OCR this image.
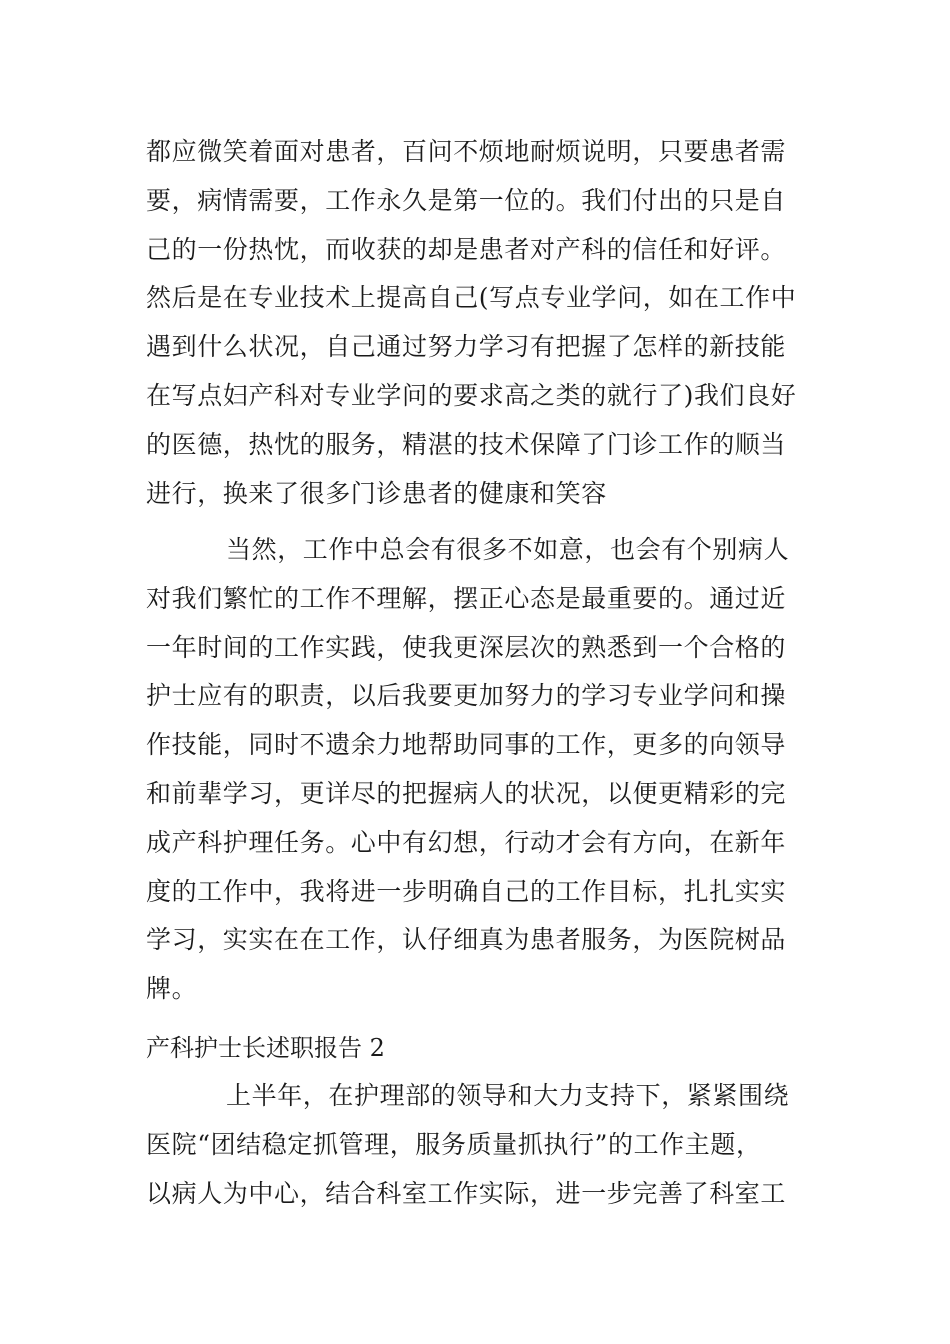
都应微笑着面对患者，百问不烦地耐烦说明，只要患者需
要，病情需要，工作永久是第一位的。我们付出的只是自
己的一份热忱，而收获的却是患者对产科的信任和好评。
然后是在专业技术上提高自己(写点专业学问，如在工作中
遇到什么状况，自己通过努力学习有把握了怎样的新技能
在写点妇产科对专业学问的要求高之类的就行了)我们良好
的医德，热忱的服务，精湛的技术保障了门诊工作的顺当
进行，换来了很多门诊患者的健康和笑容
当然，工作中总会有很多不如意，也会有个别病人
对我们繁忙的工作不理解，摆正心态是最重要的。通过近
一年时间的工作实践，使我更深层次的熟悉到一个合格的
护士应有的职责，以后我要更加努力的学习专业学问和操
作技能，同时不遗余力地帮助同事的工作，更多的向领导
和前辈学习，更详尽的把握病人的状况，以便更精彩的完
成产科护理任务。心中有幻想，行动才会有方向，在新年
度的工作中，我将进一步明确自己的工作目标，扎扎实实
学习，实实在在工作，认仔细真为患者服务，为医院树品
牌。
产科护士长述职报告 2
上半年，在护理部的领导和大力支持下，紧紧围绕
医院“团结稳定抓管理，服务质量抓执行”的工作主题，
以病人为中心，结合科室工作实际，进一步完善了科室工
